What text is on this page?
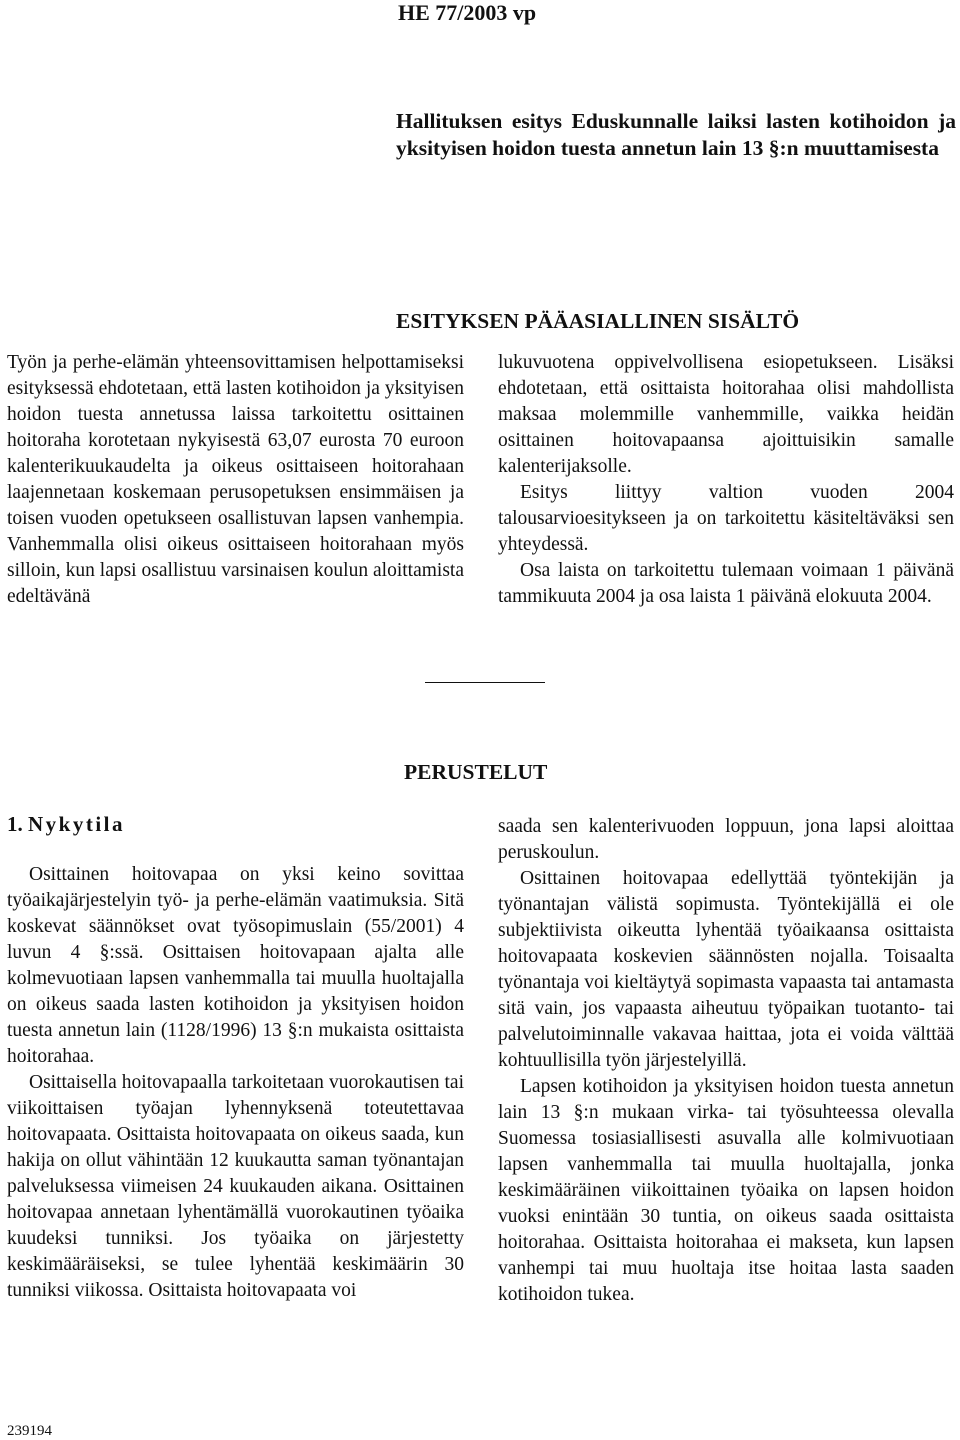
HE 77/2003 vp
Hallituksen esitys Eduskunnalle laiksi lasten kotihoidon ja yksityisen hoidon tuesta annetun lain 13 §:n muuttamisesta
ESITYKSEN PÄÄASIALLINEN SISÄLTÖ

Työn ja perhe-elämän yhteensovittamisen helpottamiseksi esityksessä ehdotetaan, että lasten kotihoidon ja yksityisen hoidon tuesta annetussa laissa tarkoitettu osittainen hoitoraha korotetaan nykyisestä 63,07 eurosta 70 euroon kalenterikuukaudelta ja oikeus osittaiseen hoitorahaan laajennetaan koskemaan perusopetuksen ensimmäisen ja toisen vuoden opetukseen osallistuvan lapsen vanhempia. Vanhemmalla olisi oikeus osittaiseen hoitorahaan myös silloin, kun lapsi osallistuu varsinaisen koulun aloittamista edeltävänä

lukuvuotena oppivelvollisena esiopetukseen. Lisäksi ehdotetaan, että osittaista hoitorahaa olisi mahdollista maksaa molemmille vanhemmille, vaikka heidän osittainen hoitovapaansa ajoittuisikin samalle kalenterijaksolle.

Esitys liittyy valtion vuoden 2004 talousarvioesitykseen ja on tarkoitettu käsiteltäväksi sen yhteydessä.

Osa laista on tarkoitettu tulemaan voimaan 1 päivänä tammikuuta 2004 ja osa laista 1 päivänä elokuuta 2004.

PERUSTELUT
1. Nykytila

Osittainen hoitovapaa on yksi keino sovittaa työaikajärjestelyin työ- ja perhe-elämän vaatimuksia. Sitä koskevat säännökset ovat työsopimuslain (55/2001) 4 luvun 4 §:ssä. Osittaisen hoitovapaan ajalta alle kolmevuotiaan lapsen vanhemmalla tai muulla huoltajalla on oikeus saada lasten kotihoidon ja yksityisen hoidon tuesta annetun lain (1128/1996) 13 §:n mukaista osittaista hoitorahaa.

Osittaisella hoitovapaalla tarkoitetaan vuorokautisen tai viikoittaisen työajan lyhennyksenä toteutettavaa hoitovapaata. Osittaista hoitovapaata on oikeus saada, kun hakija on ollut vähintään 12 kuukautta saman työnantajan palveluksessa viimeisen 24 kuukauden aikana. Osittainen hoitovapaa annetaan lyhentämällä vuorokautinen työaika kuudeksi tunniksi. Jos työaika on järjestetty keskimääräiseksi, se tulee lyhentää keskimäärin 30 tunniksi viikossa. Osittaista hoitovapaata voi

saada sen kalenterivuoden loppuun, jona lapsi aloittaa peruskoulun.

Osittainen hoitovapaa edellyttää työntekijän ja työnantajan välistä sopimusta. Työntekijällä ei ole subjektiivista oikeutta lyhentää työaikaansa osittaista hoitovapaata koskevien säännösten nojalla. Toisaalta työnantaja voi kieltäytyä sopimasta vapaasta tai antamasta sitä vain, jos vapaasta aiheutuu työpaikan tuotanto- tai palvelutoiminnalle vakavaa haittaa, jota ei voida välttää kohtuullisilla työn järjestelyillä.

Lapsen kotihoidon ja yksityisen hoidon tuesta annetun lain 13 §:n mukaan virka- tai työsuhteessa olevalla Suomessa tosiasiallisesti asuvalla alle kolmivuotiaan lapsen vanhemmalla tai muulla huoltajalla, jonka keskimääräinen viikoittainen työaika on lapsen hoidon vuoksi enintään 30 tuntia, on oikeus saada osittaista hoitorahaa. Osittaista hoitorahaa ei makseta, kun lapsen vanhempi tai muu huoltaja itse hoitaa lasta saaden kotihoidon tukea.

239194
